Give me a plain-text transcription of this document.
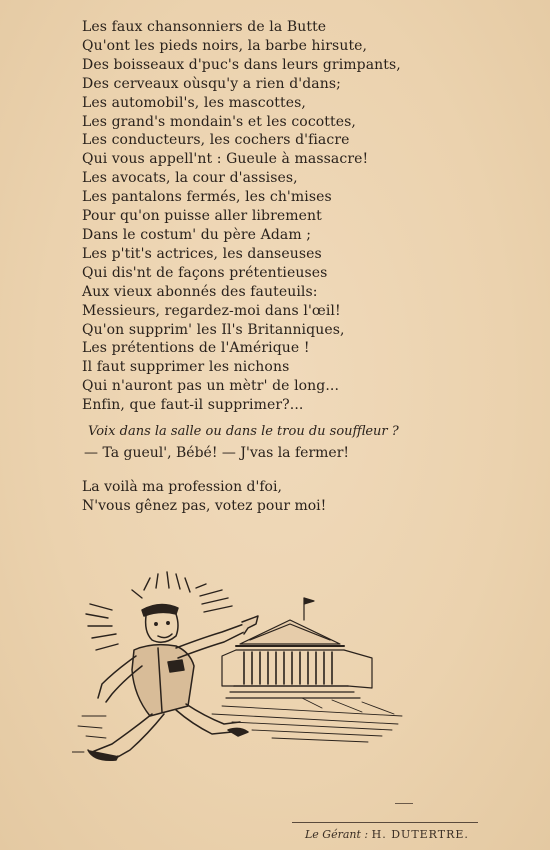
Les faux chansonniers de la Butte
Qu'ont les pieds noirs, la barbe hirsute,
Des boisseaux d'puc's dans leurs grimpants,
Des cerveaux oùsqu'y a rien d'dans;
Les automobil's, les mascottes,
Les grand's mondain's et les cocottes,
Les conducteurs, les cochers d'fiacre
Qui vous appell'nt : Gueule à massacre!
Les avocats, la cour d'assises,
Les pantalons fermés, les ch'mises
Pour qu'on puisse aller librement
Dans le costum' du père Adam ;
Les p'tit's actrices, les danseuses
Qui dis'nt de façons prétentieuses
Aux vieux abonnés des fauteuils:
Messieurs, regardez-moi dans l'œil!
Qu'on supprim' les Il's Britanniques,
Les prétentions de l'Amérique !
Il faut supprimer les nichons
Qui n'auront pas un mètr' de long...
Enfin, que faut-il supprimer?...
Voix dans la salle ou dans le trou du souffleur ?
— Ta gueul', Bébé! — J'vas la fermer!
La voilà ma profession d'foi,
N'vous gênez pas, votez pour moi!
Le Gérant : H. DUTERTRE.
